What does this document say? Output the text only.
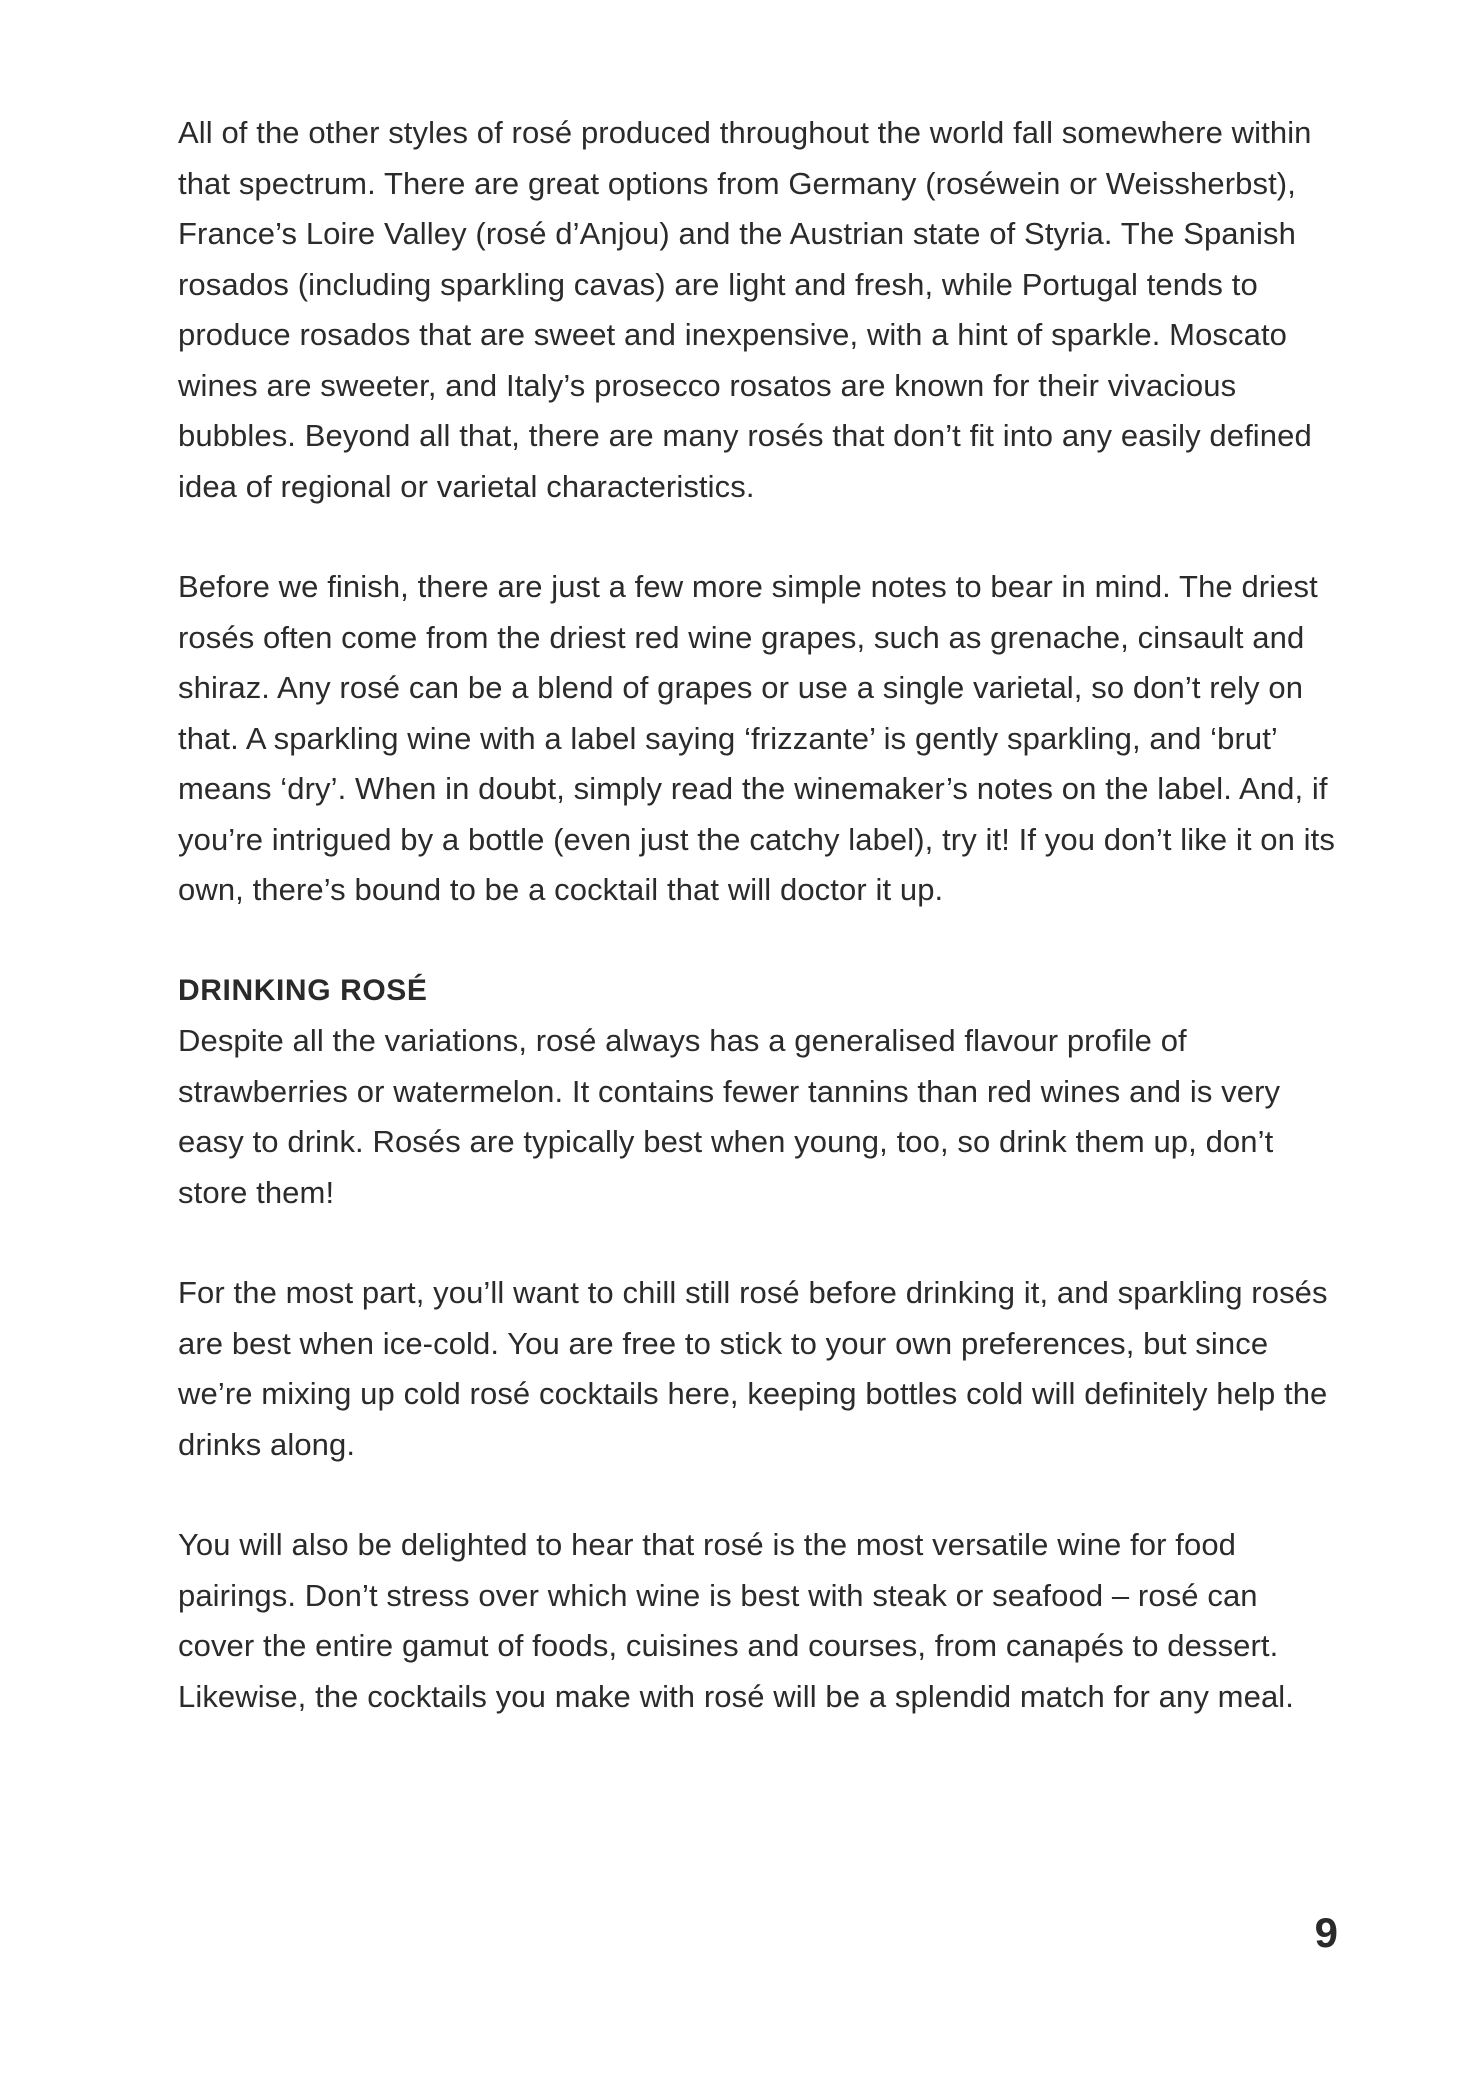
All of the other styles of rosé produced throughout the world fall somewhere within that spectrum. There are great options from Germany (roséwein or Weissherbst), France’s Loire Valley (rosé d’Anjou) and the Austrian state of Styria. The Spanish rosados (including sparkling cavas) are light and fresh, while Portugal tends to produce rosados that are sweet and inexpensive, with a hint of sparkle. Moscato wines are sweeter, and Italy’s prosecco rosatos are known for their vivacious bubbles. Beyond all that, there are many rosés that don’t fit into any easily defined idea of regional or varietal characteristics.

Before we finish, there are just a few more simple notes to bear in mind. The driest rosés often come from the driest red wine grapes, such as grenache, cinsault and shiraz. Any rosé can be a blend of grapes or use a single varietal, so don’t rely on that. A sparkling wine with a label saying ‘frizzante’ is gently sparkling, and ‘brut’ means ‘dry’. When in doubt, simply read the winemaker’s notes on the label. And, if you’re intrigued by a bottle (even just the catchy label), try it! If you don’t like it on its own, there’s bound to be a cocktail that will doctor it up.

DRINKING ROSÉ

Despite all the variations, rosé always has a generalised flavour profile of strawberries or watermelon. It contains fewer tannins than red wines and is very easy to drink. Rosés are typically best when young, too, so drink them up, don’t store them!

For the most part, you’ll want to chill still rosé before drinking it, and sparkling rosés are best when ice-cold. You are free to stick to your own preferences, but since we’re mixing up cold rosé cocktails here, keeping bottles cold will definitely help the drinks along.

You will also be delighted to hear that rosé is the most versatile wine for food pairings. Don’t stress over which wine is best with steak or seafood – rosé can cover the entire gamut of foods, cuisines and courses, from canapés to dessert. Likewise, the cocktails you make with rosé will be a splendid match for any meal.

9
